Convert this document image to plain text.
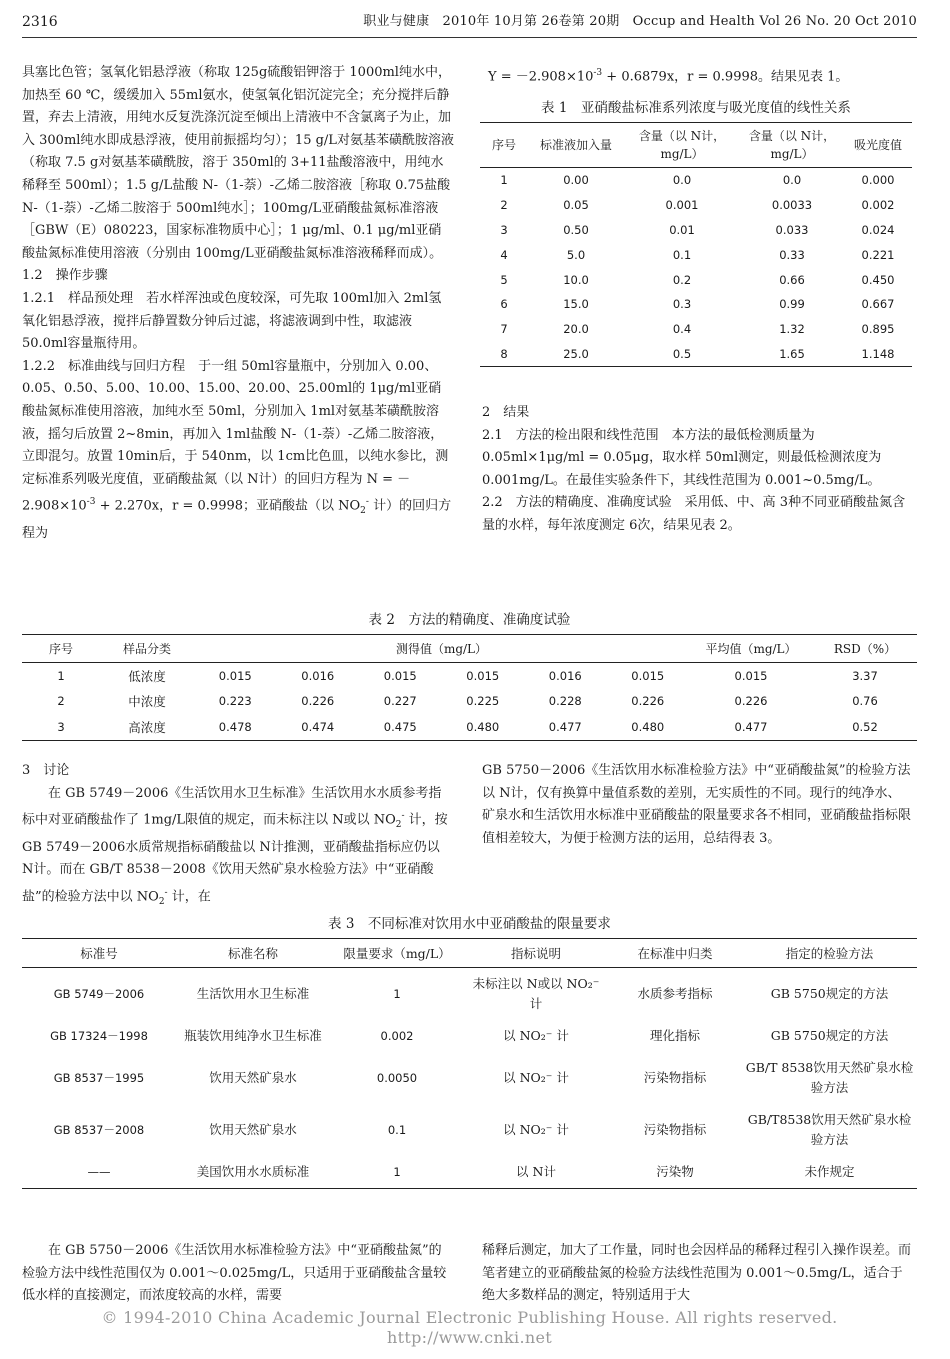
2316	职业与健康　 2010年 10月第 26卷第 20期　 Occup and Health Vol 26 No. 20 Oct 2010

具塞比色管；氢氧化铝悬浮液（称取 125g硫酸铝钾溶于 1000ml纯水中，加热至 60 ℃，缓缓加入 55ml氨水，使氢氧化铝沉淀完全；充分搅拌后静置，弃去上清液，用纯水反复洗涤沉淀至倾出上清液中不含氯离子为止，加入 300ml纯水即成悬浮液，使用前振摇均匀）；15 g/L对氨基苯磺酰胺溶液（称取 7.5 g对氨基苯磺酰胺，溶于 350ml的 3+11盐酸溶液中，用纯水稀释至 500ml）；1.5 g/L盐酸 N-（1-萘）-乙烯二胺溶液［称取 0.75盐酸 N-（1-萘）-乙烯二胺溶于 500ml纯水］；100mg/L亚硝酸盐氮标准溶液［GBW（E）080223，国家标准物质中心］；1 μg/ml、0.1 μg/ml亚硝酸盐氮标准使用溶液（分别由 100mg/L亚硝酸盐氮标准溶液稀释而成）。

1.2　操作步骤

1.2.1　样品预处理　若水样浑浊或色度较深，可先取 100ml加入 2ml氢氧化铝悬浮液，搅拌后静置数分钟后过滤，将滤液调到中性，取滤液 50.0ml容量瓶待用。

1.2.2　标准曲线与回归方程　于一组 50ml容量瓶中，分别加入 0.00、0.05、0.50、5.00、10.00、15.00、20.00、25.00ml的 1μg/ml亚硝酸盐氮标准使用溶液，加纯水至 50ml，分别加入 1ml对氨基苯磺酰胺溶液，摇匀后放置 2~8min，再加入 1ml盐酸 N-（1-萘）-乙烯二胺溶液，立即混匀。放置 10min后，于 540nm，以 1cm比色皿，以纯水参比，测定标准系列吸光度值，亚硝酸盐氮（以 N计）的回归方程为 $N = -2.908\times 10^{-3} + 2.270x$，r = 0.9998；亚硝酸盐（以 $NO_2^-$ 计）的回归方程为

$Y = -2.908\times 10^{-3} + 0.6879x$，r = 0.9998。结果见表 1。

表 1　亚硝酸盐标准系列浓度与吸光度值的线性关系

序号	标准液加入量	含量（以 N计，mg/L）	含量（以 N计，mg/L）	吸光度值
1	0.00	0.0	0.0	0.000
2	0.05	0.001	0.0033	0.002
3	0.50	0.01	0.033	0.024
4	5.0	0.1	0.33	0.221
5	10.0	0.2	0.66	0.450
6	15.0	0.3	0.99	0.667
7	20.0	0.4	1.32	0.895
8	25.0	0.5	1.65	1.148

2　结果

2.1　方法的检出限和线性范围　本方法的最低检测质量为 0.05ml×1μg/ml = 0.05μg，取水样 50ml测定，则最低检测浓度为 0.001mg/L。在最佳实验条件下，其线性范围为 0.001~0.5mg/L。

2.2　方法的精确度、准确度试验　采用低、中、高 3种不同亚硝酸盐氮含量的水样，每年浓度测定 6次，结果见表 2。

表 2　方法的精确度、准确度试验

序号	样品分类	测得值（mg/L）						平均值（mg/L）	RSD（%）
1	低浓度	0.015	0.016	0.015	0.015	0.016	0.015	0.015	3.37
2	中浓度	0.223	0.226	0.227	0.225	0.228	0.226	0.226	0.76
3	高浓度	0.478	0.474	0.475	0.480	0.477	0.480	0.477	0.52

3　讨论

在 GB 5749－2006《生活饮用水卫生标准》生活饮用水水质参考指标中对亚硝酸盐作了 1mg/L限值的规定，而未标注以 N或以 $NO_2^-$ 计，按 GB 5749－2006水质常规指标硝酸盐以 N计推测，亚硝酸盐指标应仍以 N计。而在 GB/T 8538－2008《饮用天然矿泉水检验方法》中“亚硝酸盐”的检验方法中以 $NO_2^-$ 计，在

GB 5750－2006《生活饮用水标准检验方法》中“亚硝酸盐氮”的检验方法以 N计，仅有换算中量值系数的差别，无实质性的不同。现行的纯净水、矿泉水和生活饮用水标准中亚硝酸盐的限量要求各不相同，亚硝酸盐指标限值相差较大，为便于检测方法的运用，总结得表 3。

表 3　不同标准对饮用水中亚硝酸盐的限量要求

标准号	标准名称	限量要求（mg/L）	指标说明	在标准中归类	指定的检验方法
GB 5749－2006	生活饮用水卫生标准	1	未标注以 N或以 NO₂⁻ 计	水质参考指标	GB 5750规定的方法
GB 17324－1998	瓶装饮用纯净水卫生标准	0.002	以 NO₂⁻ 计	理化指标	GB 5750规定的方法
GB 8537－1995	饮用天然矿泉水	0.0050	以 NO₂⁻ 计	污染物指标	GB/T 8538饮用天然矿泉水检验方法
GB 8537－2008	饮用天然矿泉水	0.1	以 NO₂⁻ 计	污染物指标	GB/T8538饮用天然矿泉水检验方法
——	美国饮用水水质标准	1	以 N计	污染物	未作规定

在 GB 5750－2006《生活饮用水标准检验方法》中“亚硝酸盐氮”的检验方法中线性范围仅为 0.001～0.025mg/L，只适用于亚硝酸盐含量较低水样的直接测定，而浓度较高的水样，需要

稀释后测定，加大了工作量，同时也会因样品的稀释过程引入操作误差。而笔者建立的亚硝酸盐氮的检验方法线性范围为 0.001～0.5mg/L，适合于绝大多数样品的测定，特别适用于大

© 1994-2010 China Academic Journal Electronic Publishing House. All rights reserved.　　http://www.cnki.net
